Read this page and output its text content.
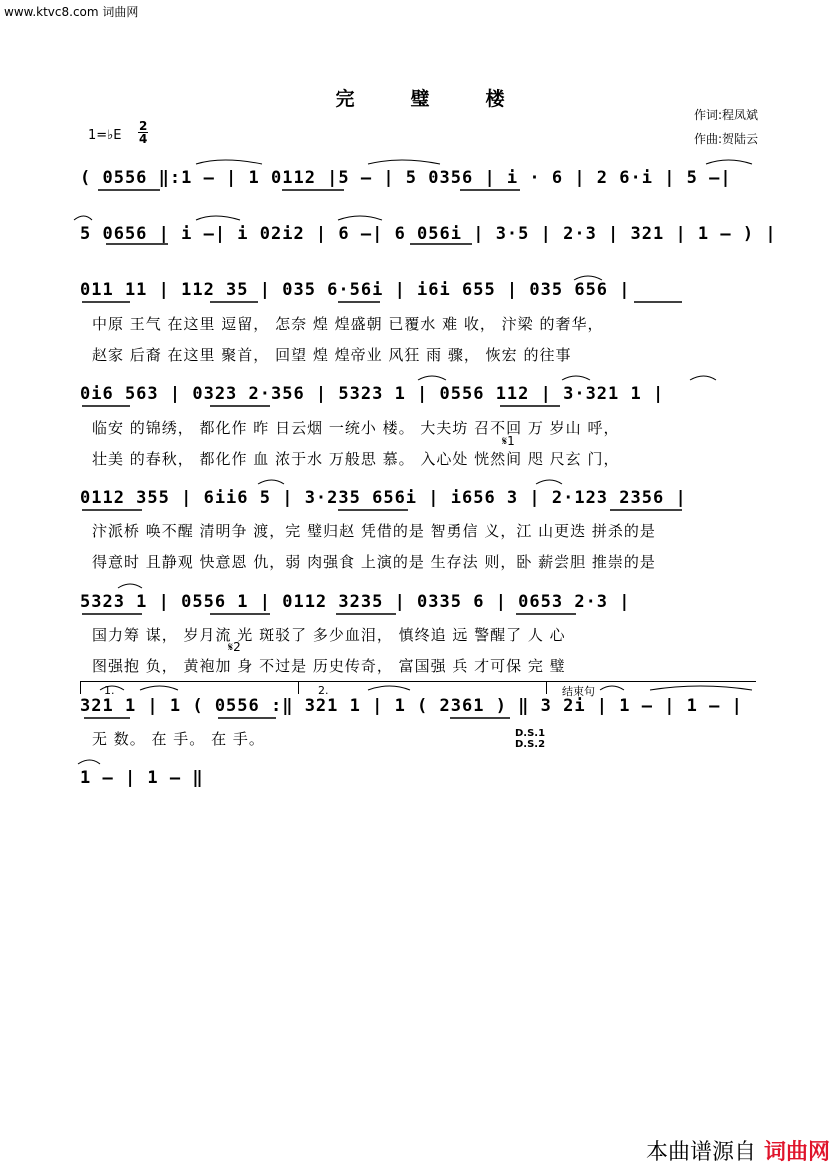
www.ktvc8.com 词曲网
完	璧	楼
作词:程凤斌
作曲:贺陆云
1=♭E
2
4
( 0556 ‖:1 — | 1 0112 |5 — | 5 0356 | i · 6 | 2 6·i | 5 —|
5 0656 | i —| i 02i2 | 6 —| 6 056i | 3·5 | 2·3 | 321 | 1 — ) |
011 11 | 112 35 | 035 6·56i | i6i 655 | 035 656 |
中原 王气 在这里 逗留， 怎奈 煌 煌盛朝 已覆水 难 收， 汴梁 的奢华，
赵家 后裔 在这里 聚首， 回望 煌 煌帝业 风狂 雨 骤， 恢宏 的往事
0i6 563 | 0323 2·356 | 5323 1 | 0556 112 | 3·321 1 |
临安 的锦绣， 都化作 昨 日云烟 一统小 楼。 大夫坊 召不回 万 岁山 呼，
壮美 的春秋， 都化作 血 浓于水 万般思 慕。 入心处 恍然间 咫 尺玄 门，
𝄋1
0112 355 | 6ii6 5 | 3·235 656i | i656 3 | 2·123 2356 |
汴派桥 唤不醒 清明争 渡，完 璧归赵 凭借的是 智勇信 义，江 山更迭 拼杀的是
得意时 且静观 快意恩 仇，弱 肉强食 上演的是 生存法 则，卧 薪尝胆 推崇的是
5323 1 | 0556 1 | 0112 3235 | 0335 6 | 0653 2·3 |
国力筹 谋， 岁月流 光 斑驳了 多少血泪， 慎终追 远 警醒了 人 心
图强抱 负， 黄袍加 身 不过是 历史传奇， 富国强 兵 才可保 完 璧
𝄋2
1.	2.	结束句
321 1 | 1 ( 0556 :‖ 321 1 | 1 ( 2361 ) ‖ 3 2i | 1 — | 1 — |
无 数。 在 手。 在 手。	D.S.1
D.S.2
1 — | 1 — ‖
本曲谱源自 词曲网
